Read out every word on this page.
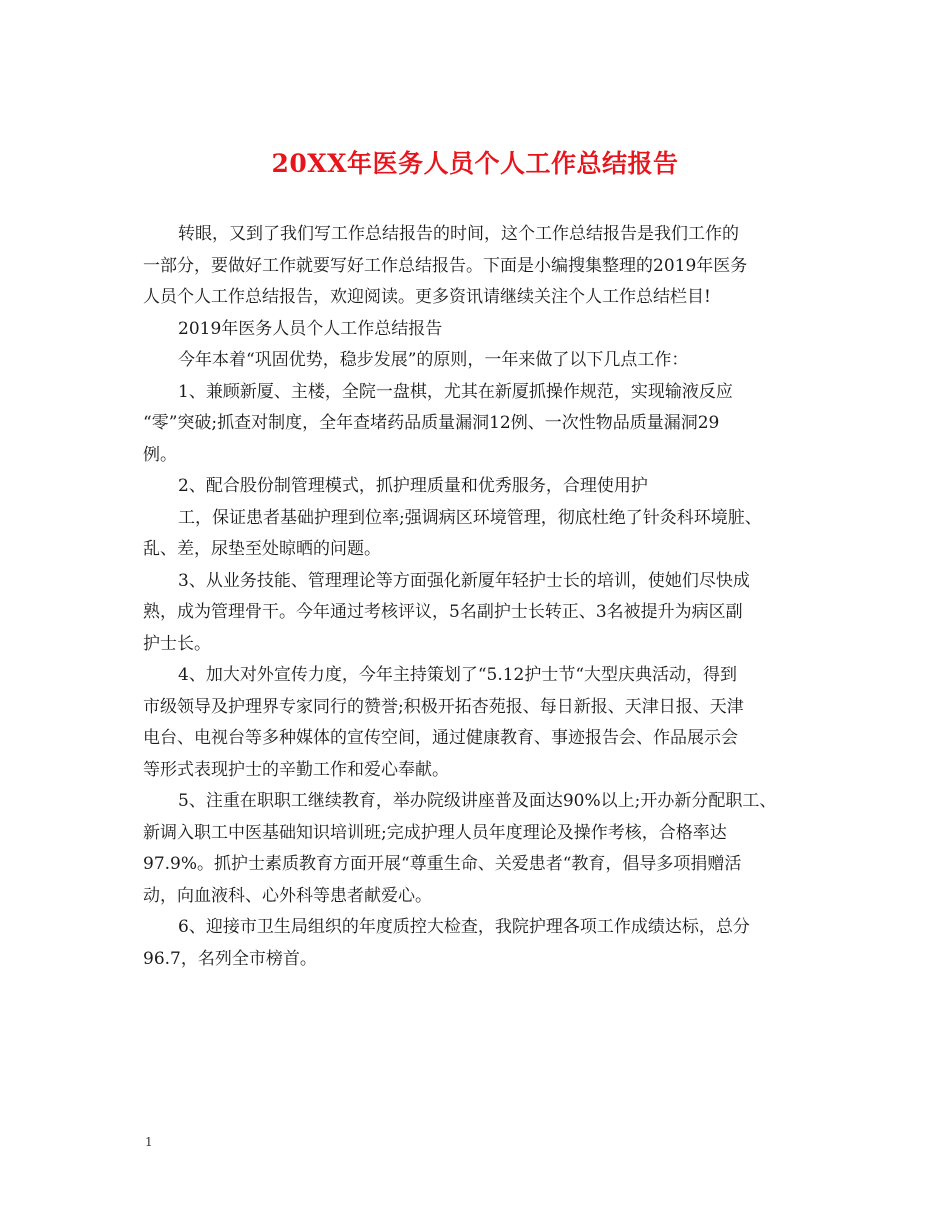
20XX年医务人员个人工作总结报告
转眼，又到了我们写工作总结报告的时间，这个工作总结报告是我们工作的
一部分，要做好工作就要写好工作总结报告。下面是小编搜集整理的2019年医务
人员个人工作总结报告，欢迎阅读。更多资讯请继续关注个人工作总结栏目!
2019年医务人员个人工作总结报告
今年本着“巩固优势，稳步发展”的原则，一年来做了以下几点工作：
1、兼顾新厦、主楼，全院一盘棋，尤其在新厦抓操作规范，实现输液反应
“零”突破;抓查对制度，全年查堵药品质量漏洞12例、一次性物品质量漏洞29
例。
2、配合股份制管理模式，抓护理质量和优秀服务，合理使用护
工，保证患者基础护理到位率;强调病区环境管理，彻底杜绝了针灸科环境脏、
乱、差，尿垫至处晾晒的问题。
3、从业务技能、管理理论等方面强化新厦年轻护士长的培训，使她们尽快成
熟，成为管理骨干。今年通过考核评议，5名副护士长转正、3名被提升为病区副
护士长。
4、加大对外宣传力度，今年主持策划了“5.12护士节“大型庆典活动，得到
市级领导及护理界专家同行的赞誉;积极开拓杏苑报、每日新报、天津日报、天津
电台、电视台等多种媒体的宣传空间，通过健康教育、事迹报告会、作品展示会
等形式表现护士的辛勤工作和爱心奉献。
5、注重在职职工继续教育，举办院级讲座普及面达90%以上;开办新分配职工、
新调入职工中医基础知识培训班;完成护理人员年度理论及操作考核，合格率达
97.9%。抓护士素质教育方面开展“尊重生命、关爱患者“教育，倡导多项捐赠活
动，向血液科、心外科等患者献爱心。
6、迎接市卫生局组织的年度质控大检查，我院护理各项工作成绩达标，总分
96.7，名列全市榜首。
1
